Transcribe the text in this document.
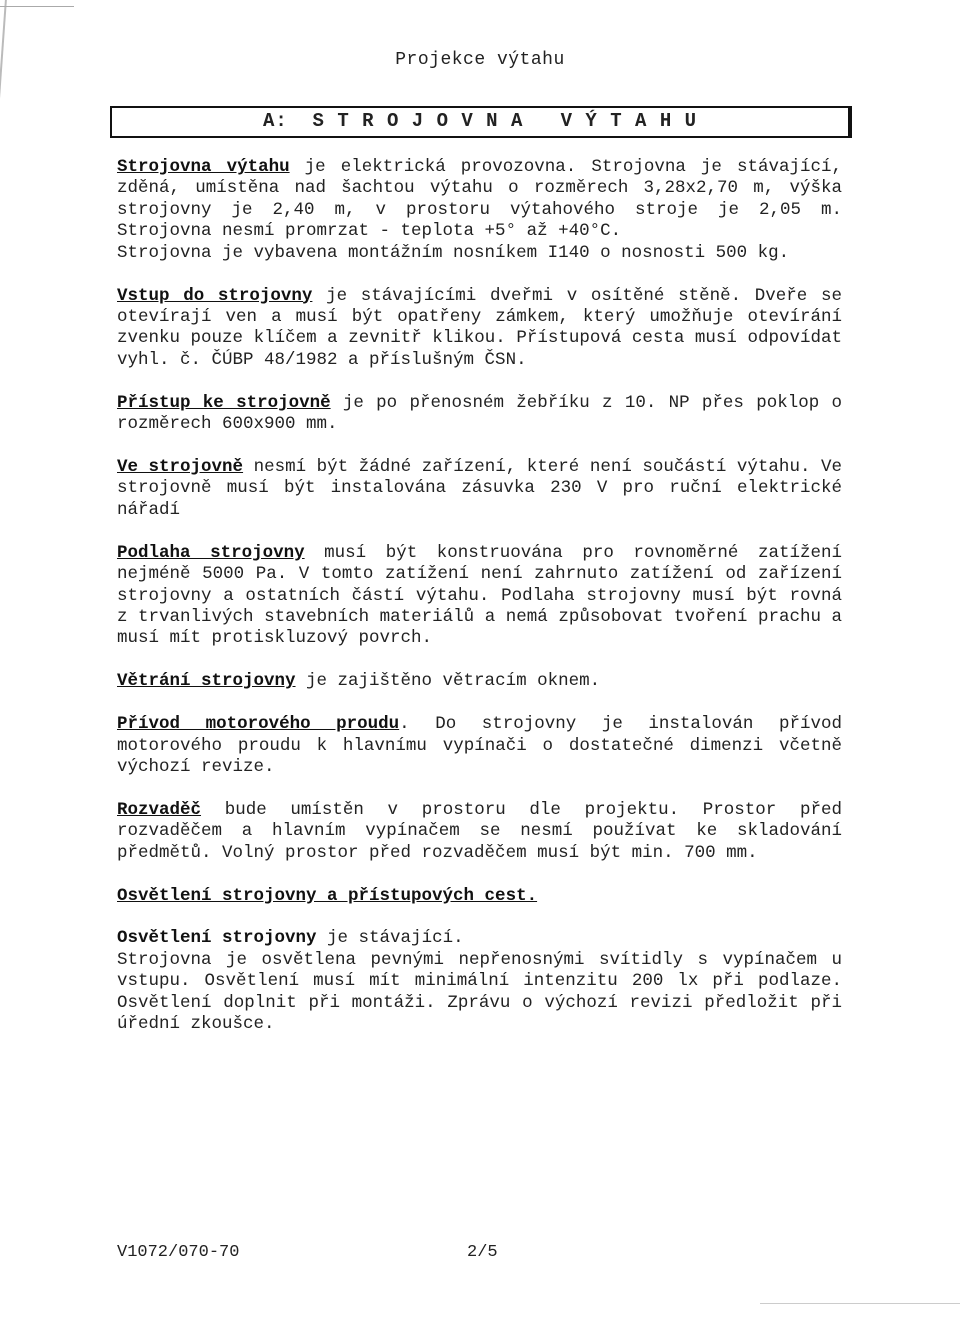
Projekce výtahu
A:  S T R O J O V N A   V Ý T A H U

Strojovna výtahu je elektrická provozovna. Strojovna je stávající, zděná, umístěna nad šachtou výtahu o rozměrech 3,28x2,70 m, výška strojovny je 2,40 m, v prostoru výtahového stroje je 2,05 m. Strojovna nesmí promrzat - teplota +5° až +40°C.

Strojovna je vybavena montážním nosníkem I140 o nosnosti 500 kg.

Vstup do strojovny je stávajícími dveřmi v osítěné stěně. Dveře se otevírají ven a musí být opatřeny zámkem, který umožňuje otevírání zvenku pouze klíčem a zevnitř klikou. Přístupová cesta musí odpovídat vyhl. č. ČÚBP 48/1982 a příslušným ČSN.

Přístup ke strojovně je po přenosném žebříku z 10. NP přes poklop o rozměrech 600x900 mm.

Ve strojovně nesmí být žádné zařízení, které není součástí výtahu. Ve strojovně musí být instalována zásuvka 230 V pro ruční elektrické nářadí

Podlaha strojovny musí být konstruována pro rovnoměrné zatížení nejméně 5000 Pa. V tomto zatížení není zahrnuto zatížení od zařízení strojovny a ostatních částí výtahu. Podlaha strojovny musí být rovná z trvanlivých stavebních materiálů a nemá způsobovat tvoření prachu a musí mít protiskluzový povrch.

Větrání strojovny je zajištěno větracím oknem.

Přívod motorového proudu. Do strojovny je instalován přívod motorového proudu k hlavnímu vypínači o dostatečné dimenzi včetně výchozí revize.

Rozvaděč bude umístěn v prostoru dle projektu. Prostor před rozvaděčem a hlavním vypínačem se nesmí používat ke skladování předmětů. Volný prostor před rozvaděčem musí být min. 700 mm.

Osvětlení strojovny a přístupových cest.

Osvětlení strojovny je stávající.

Strojovna je osvětlena pevnými nepřenosnými svítidly s vypínačem u vstupu. Osvětlení musí mít minimální intenzitu 200 lx při podlaze. Osvětlení doplnit při montáži. Zprávu o výchozí revizi předložit při úřední zkoušce.

V1072/070-70	2/5
